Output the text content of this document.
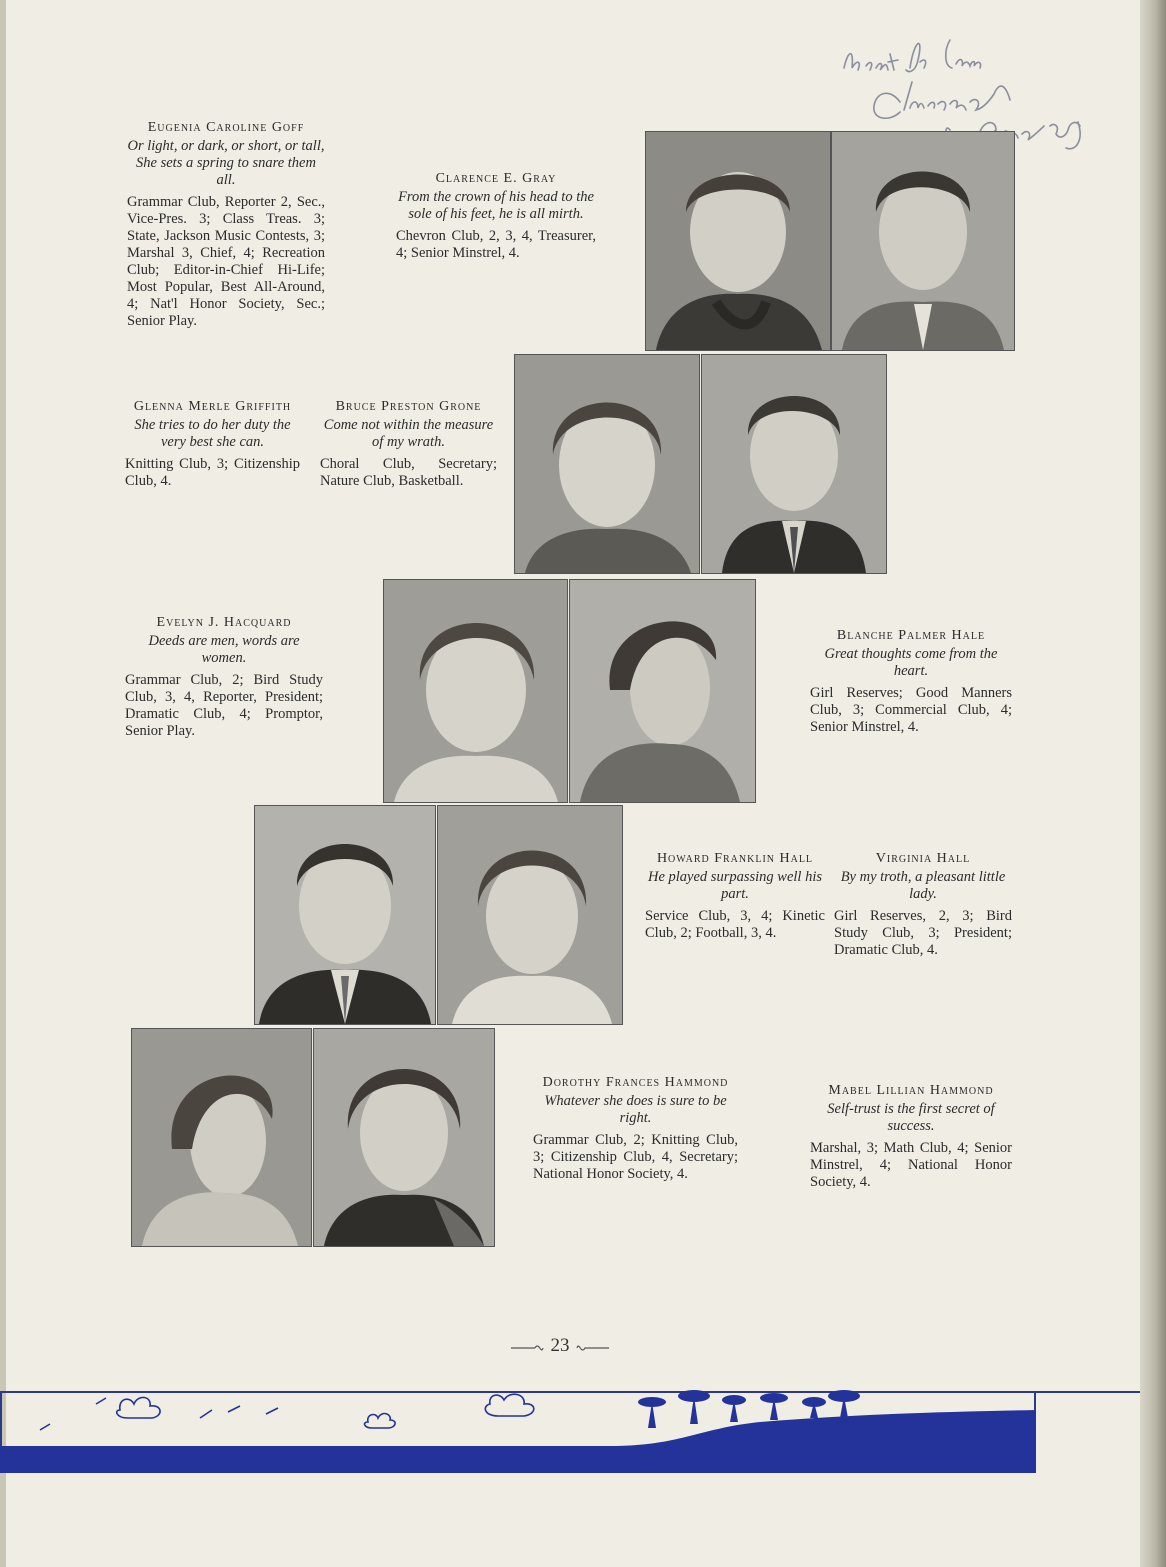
Eugenia Caroline Goff
Or light, or dark, or short, or tall, She sets a spring to snare them all.
Grammar Club, Reporter 2, Sec., Vice-Pres. 3; Class Treas. 3; State, Jackson Music Contests, 3; Marshal 3, Chief, 4; Recreation Club; Editor-in-Chief Hi-Life; Most Popular, Best All-Around, 4; Nat'l Honor Society, Sec.; Senior Play.
Clarence E. Gray
From the crown of his head to the sole of his feet, he is all mirth.
Chevron Club, 2, 3, 4, Treasurer, 4; Senior Minstrel, 4.
Glenna Merle Griffith
She tries to do her duty the very best she can.
Knitting Club, 3; Citizenship Club, 4.
Bruce Preston Grone
Come not within the measure of my wrath.
Choral Club, Secretary; Nature Club, Basketball.
Evelyn J. Hacquard
Deeds are men, words are women.
Grammar Club, 2; Bird Study Club, 3, 4, Reporter, President; Dramatic Club, 4; Promptor, Senior Play.
Blanche Palmer Hale
Great thoughts come from the heart.
Girl Reserves; Good Manners Club, 3; Commercial Club, 4; Senior Minstrel, 4.
Howard Franklin Hall
He played surpassing well his part.
Service Club, 3, 4; Kinetic Club, 2; Football, 3, 4.
Virginia Hall
By my troth, a pleasant little lady.
Girl Reserves, 2, 3; Bird Study Club, 3; President; Dramatic Club, 4.
Dorothy Frances Hammond
Whatever she does is sure to be right.
Grammar Club, 2; Knitting Club, 3; Citizenship Club, 4, Secretary; National Honor Society, 4.
Mabel Lillian Hammond
Self-trust is the first secret of success.
Marshal, 3; Math Club, 4; Senior Minstrel, 4; National Honor Society, 4.
23
